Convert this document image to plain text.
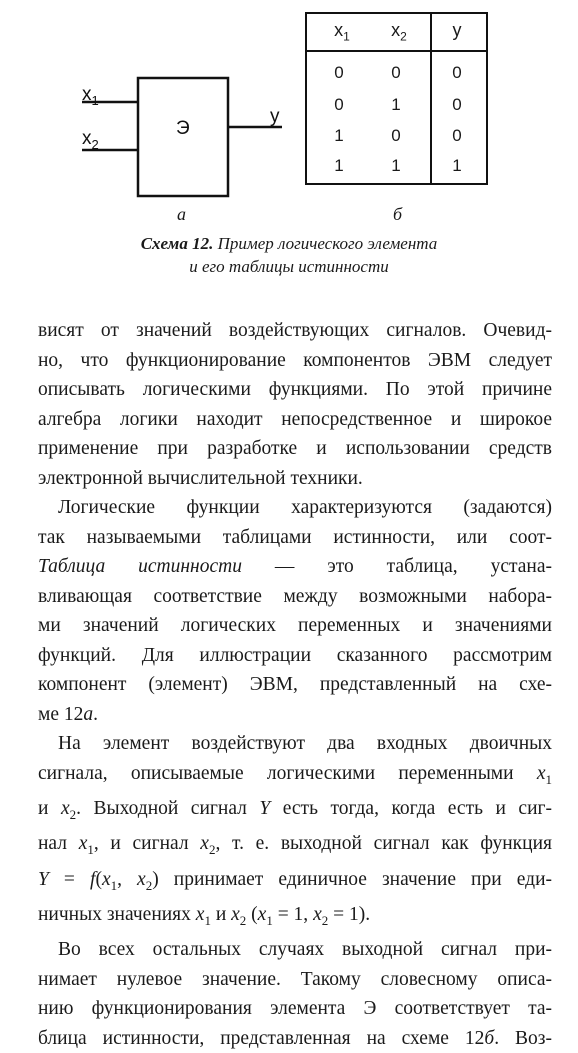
$x_1$
$x_2$
Э
y
а
$x_1$	$x_2$	y
0	0	0
0	1	0
1	0	0
1	1	1
б
Схема 12. Пример логического элемента
и его таблицы истинности

висят от значений воздействующих сигналов. Очевид-
но, что функционирование компонентов ЭВМ следует
описывать логическими функциями. По этой причине
алгебра логики находит непосредственное и широкое
применение при разработке и использовании средств
электронной вычислительной техники.

Логические функции характеризуются (задаются)
так называемыми таблицами истинности, или соот-
Таблица истинности — это таблица, устана-
вливающая соответствие между возможными набора-
ми значений логических переменных и значениями
функций. Для иллюстрации сказанного рассмотрим
компонент (элемент) ЭВМ, представленный на схе-
ме 12а.

На элемент воздействуют два входных двоичных
сигнала, описываемые логическими переменными $x_1$
и $x_2$. Выходной сигнал Y есть тогда, когда есть и сиг-
нал $x_1$, и сигнал $x_2$, т. е. выходной сигнал как функция
$Y = f(x_1$, $x_2$) принимает единичное значение при еди-
ничных значениях $x_1$ и $x_2$ ($x_1 = 1$, $x_2 = 1$).

Во всех остальных случаях выходной сигнал при-
нимает нулевое значение. Такому словесному описа-
нию функционирования элемента Э соответствует та-
блица истинности, представленная на схеме 12б. Воз-
